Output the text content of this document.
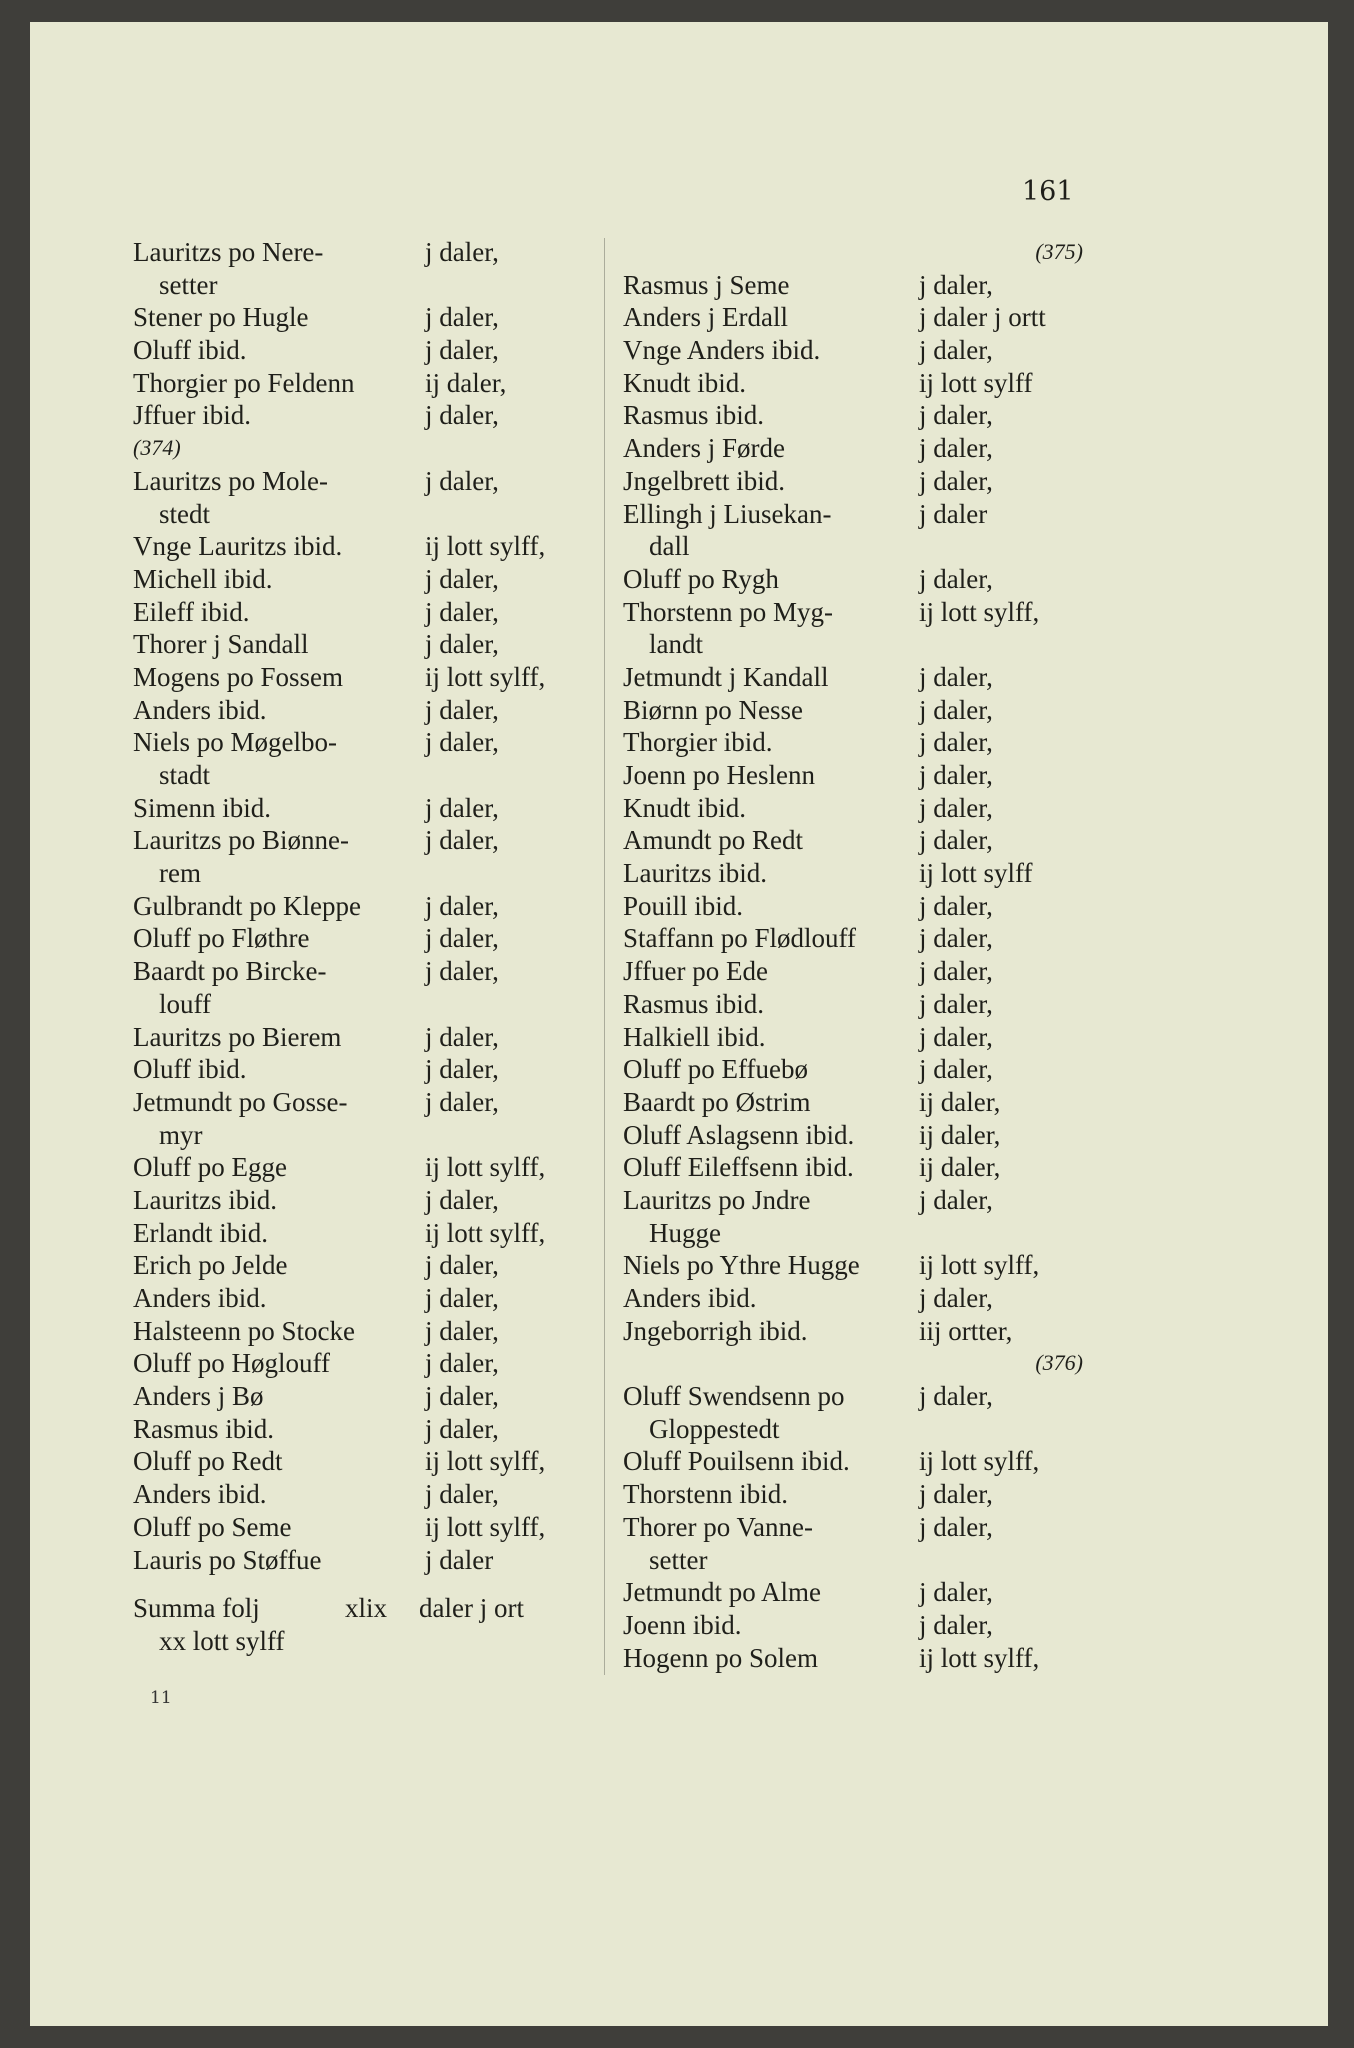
161
Lauritzs po Nere-	j daler,
setter
Stener po Hugle	j daler,
Oluff ibid.	j daler,
Thorgier po Feldenn	ij daler,
Jffuer ibid.	j daler,
(374)
Lauritzs po Mole-	j daler,
stedt
Vnge Lauritzs ibid.	ij lott sylff,
Michell ibid.	j daler,
Eileff ibid.	j daler,
Thorer j Sandall	j daler,
Mogens po Fossem	ij lott sylff,
Anders ibid.	j daler,
Niels po Møgelbo-	j daler,
stadt
Simenn ibid.	j daler,
Lauritzs po Biønne-	j daler,
rem
Gulbrandt po Kleppe j daler,
Oluff po Fløthre	j daler,
Baardt po Bircke-	j daler,
louff
Lauritzs po Bierem	j daler,
Oluff ibid.	j daler,
Jetmundt po Gosse-	j daler,
myr
Oluff po Egge	ij lott sylff,
Lauritzs ibid.	j daler,
Erlandt ibid.	ij lott sylff,
Erich po Jelde	j daler,
Anders ibid.	j daler,
Halsteenn po Stocke	j daler,
Oluff po Høglouff	j daler,
Anders j Bø	j daler,
Rasmus ibid.	j daler,
Oluff po Redt	ij lott sylff,
Anders ibid.	j daler,
Oluff po Seme	ij lott sylff,
Lauris po Støffue	j daler
Summa folj	xlix daler j ort
xx lott sylff
(375)
Rasmus j Seme	j daler,
Anders j Erdall	j daler j ortt
Vnge Anders ibid.	j daler,
Knudt ibid.	ij lott sylff
Rasmus ibid.	j daler,
Anders j Førde	j daler,
Jngelbrett ibid.	j daler,
Ellingh j Liusekan-	j daler
dall
Oluff po Rygh	j daler,
Thorstenn po Myg-	ij lott sylff,
landt
Jetmundt j Kandall	j daler,
Biørnn po Nesse	j daler,
Thorgier ibid.	j daler,
Joenn po Heslenn	j daler,
Knudt ibid.	j daler,
Amundt po Redt	j daler,
Lauritzs ibid.	ij lott sylff
Pouill ibid.	j daler,
Staffann po Flødlouff j daler,
Jffuer po Ede	j daler,
Rasmus ibid.	j daler,
Halkiell ibid.	j daler,
Oluff po Effuebø	j daler,
Baardt po Østrim	ij daler,
Oluff Aslagsenn ibid. ij daler,
Oluff Eileffsenn ibid. ij daler,
Lauritzs po Jndre	j daler,
Hugge
Niels po Ythre Hugge ij lott sylff,
Anders ibid.	j daler,
Jngeborrigh ibid.	iij ortter,
(376)
Oluff Swendsenn po	j daler,
Gloppestedt
Oluff Pouilsenn ibid.	ij lott sylff,
Thorstenn ibid.	j daler,
Thorer po Vanne-	j daler,
setter
Jetmundt po Alme	j daler,
Joenn ibid.	j daler,
Hogenn po Solem	ij lott sylff,
11
